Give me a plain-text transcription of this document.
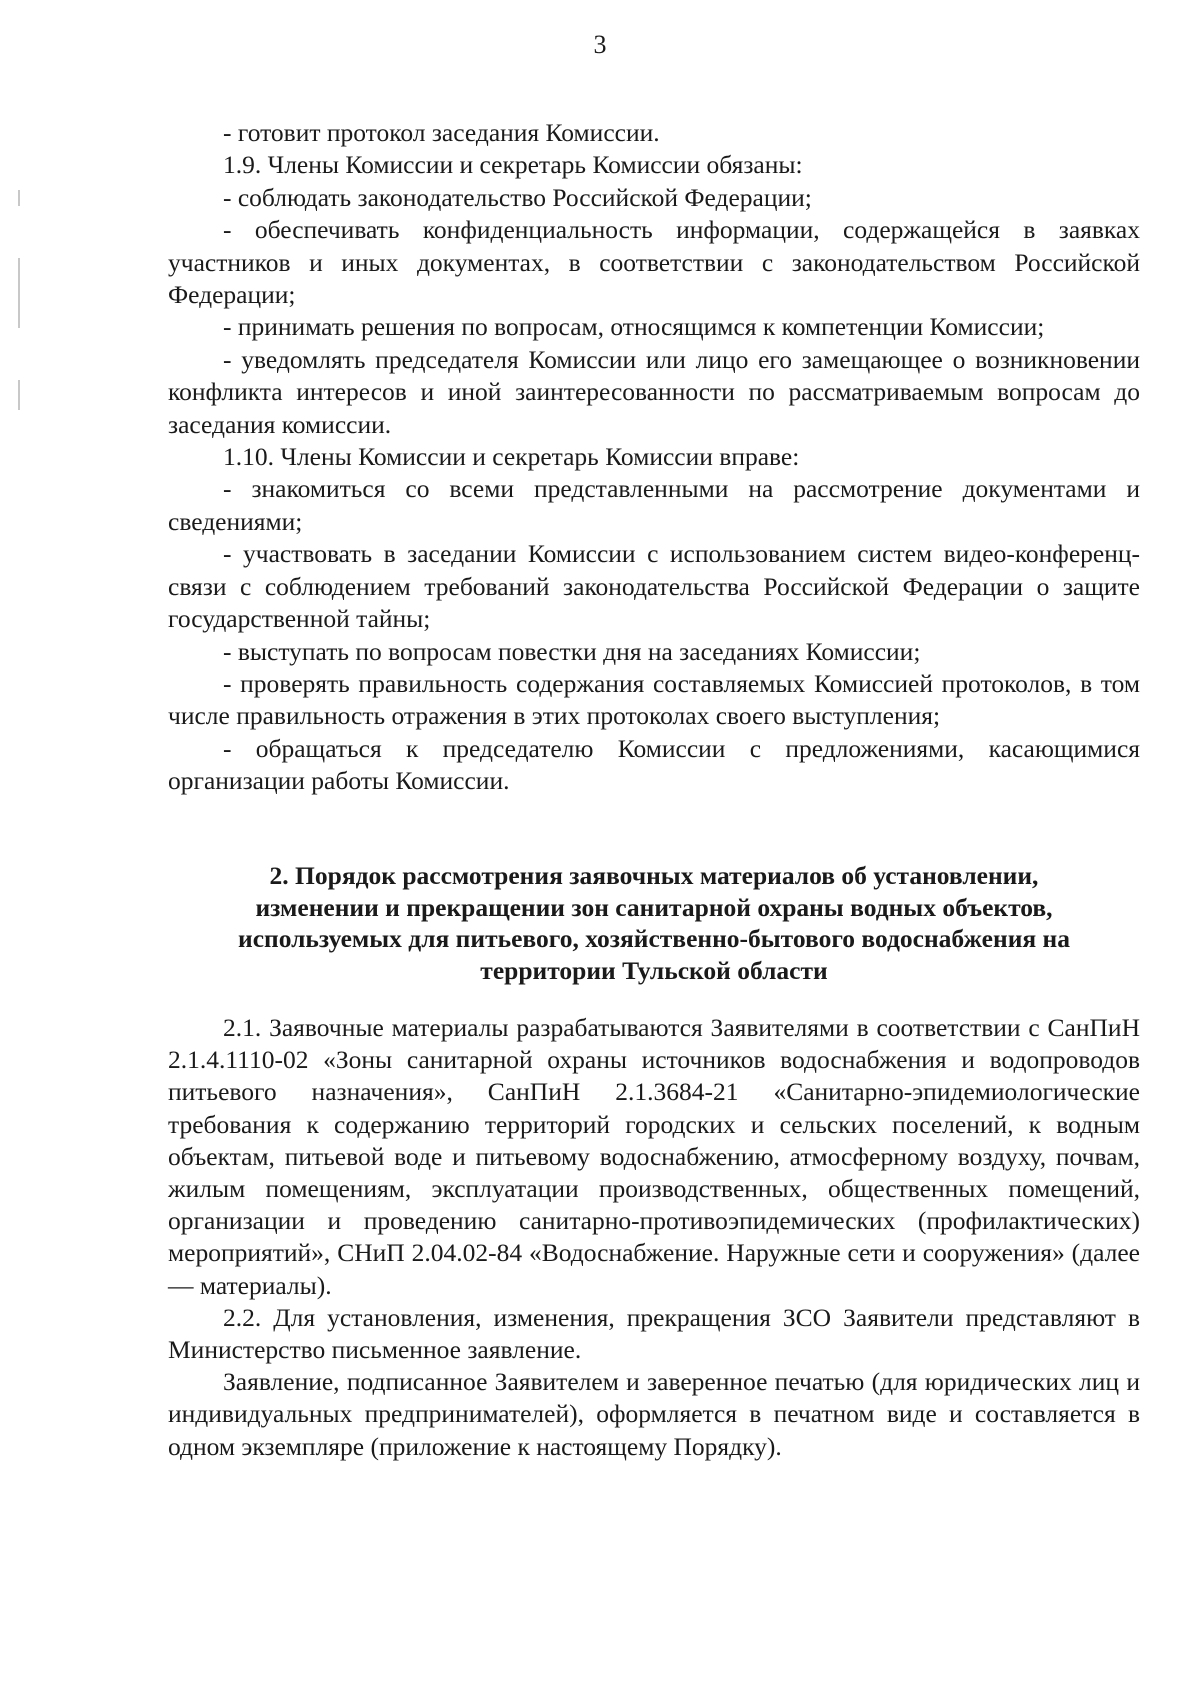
3

- готовит протокол заседания Комиссии.

1.9. Члены Комиссии и секретарь Комиссии обязаны:

- соблюдать законодательство Российской Федерации;

- обеспечивать конфиденциальность информации, содержащейся в заявках участников и иных документах, в соответствии с законодательством Российской Федерации;

- принимать решения по вопросам, относящимся к компетенции Комиссии;

- уведомлять председателя Комиссии или лицо его замещающее о возникновении конфликта интересов и иной заинтересованности по рассматриваемым вопросам до заседания комиссии.

1.10. Члены Комиссии и секретарь Комиссии вправе:

- знакомиться со всеми представленными на рассмотрение документами и сведениями;

- участвовать в заседании Комиссии с использованием систем видео-конференц-связи с соблюдением требований законодательства Российской Федерации о защите государственной тайны;

- выступать по вопросам повестки дня на заседаниях Комиссии;

- проверять правильность содержания составляемых Комиссией протоколов, в том числе правильность отражения в этих протоколах своего выступления;

- обращаться к председателю Комиссии с предложениями, касающимися организации работы Комиссии.

2. Порядок рассмотрения заявочных материалов об установлении,
изменении и прекращении зон санитарной охраны водных объектов,
используемых для питьевого, хозяйственно-бытового водоснабжения на
территории Тульской области

2.1. Заявочные материалы разрабатываются Заявителями в соответствии с СанПиН 2.1.4.1110-02 «Зоны санитарной охраны источников водоснабжения и водопроводов питьевого назначения», СанПиН 2.1.3684-21 «Санитарно-эпидемиологические требования к содержанию территорий городских и сельских поселений, к водным объектам, питьевой воде и питьевому водоснабжению, атмосферному воздуху, почвам, жилым помещениям, эксплуатации производственных, общественных помещений, организации и проведению санитарно-противоэпидемических (профилактических) мероприятий», СНиП 2.04.02-84 «Водоснабжение. Наружные сети и сооружения» (далее — материалы).

2.2. Для установления, изменения, прекращения ЗСО Заявители представляют в Министерство письменное заявление.

Заявление, подписанное Заявителем и заверенное печатью (для юридических лиц и индивидуальных предпринимателей), оформляется в печатном виде и составляется в одном экземпляре (приложение к настоящему Порядку).
